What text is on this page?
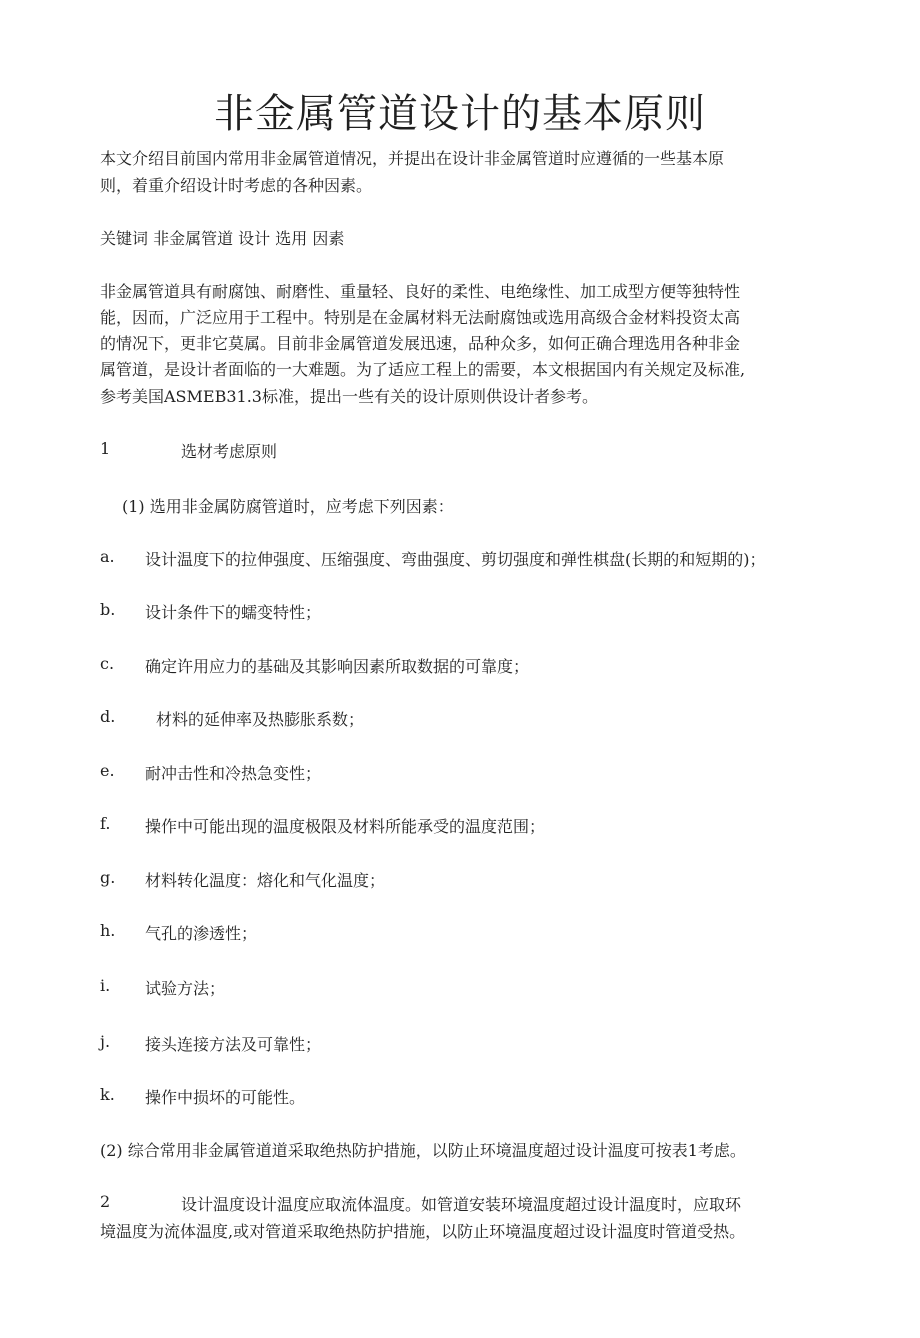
非金属管道设计的基本原则
本文介绍目前国内常用非金属管道情况，并提出在设计非金属管道时应遵循的一些基本原
则，着重介绍设计时考虑的各种因素。
关键词 非金属管道 设计 选用 因素
非金属管道具有耐腐蚀、耐磨性、重量轻、良好的柔性、电绝缘性、加工成型方便等独特性
能，因而，广泛应用于工程中。特别是在金属材料无法耐腐蚀或选用高级合金材料投资太高
的情况下，更非它莫属。目前非金属管道发展迅速，品种众多，如何正确合理选用各种非金
属管道，是设计者面临的一大难题。为了适应工程上的需要，本文根据国内有关规定及标准,
参考美国ASMEB31.3标准，提出一些有关的设计原则供设计者参考。
1	选材考虑原则
(1) 选用非金属防腐管道时，应考虑下列因素：
a. 设计温度下的拉伸强度、压缩强度、弯曲强度、剪切强度和弹性棋盘(长期的和短期的)；
b. 设计条件下的蠕变特性；
c. 确定许用应力的基础及其影响因素所取数据的可靠度；
d.	材料的延伸率及热膨胀系数；
e. 耐冲击性和冷热急变性；
f. 操作中可能出现的温度极限及材料所能承受的温度范围；
g. 材料转化温度：熔化和气化温度；
h. 气孔的渗透性；
i. 试验方法；
j. 接头连接方法及可靠性；
k. 操作中损坏的可能性。
(2) 综合常用非金属管道道采取绝热防护措施，以防止环境温度超过设计温度可按表1考虑。
2	设计温度设计温度应取流体温度。如管道安装环境温度超过设计温度时，应取环
境温度为流体温度,或对管道采取绝热防护措施，以防止环境温度超过设计温度时管道受热。
